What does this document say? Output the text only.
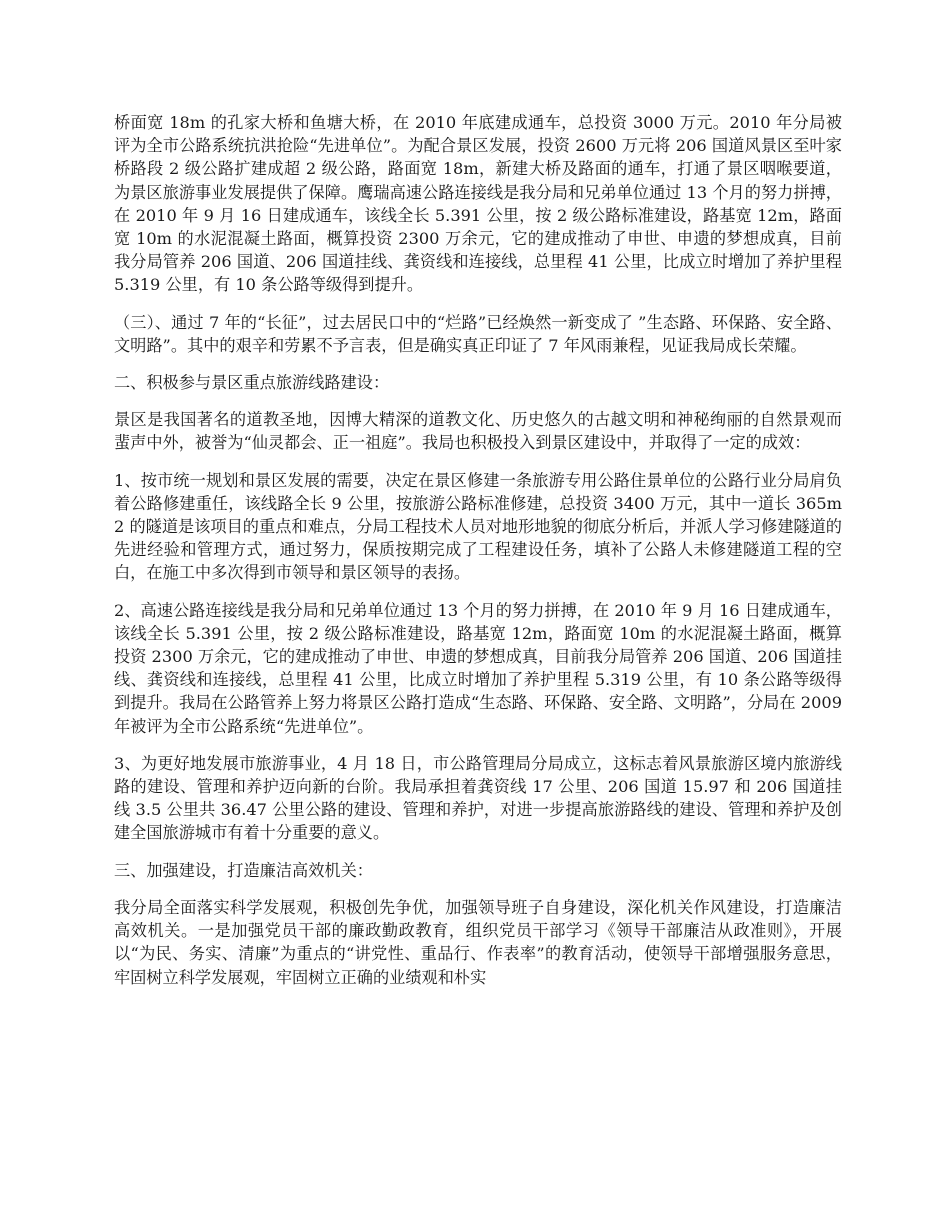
桥面宽 18m 的孔家大桥和鱼塘大桥，在 2010 年底建成通车，总投资 3000 万元。2010 年分局被评为全市公路系统抗洪抢险“先进单位”。为配合景区发展，投资 2600 万元将 206 国道风景区至叶家桥路段 2 级公路扩建成超 2 级公路，路面宽 18m，新建大桥及路面的通车，打通了景区咽喉要道，为景区旅游事业发展提供了保障。鹰瑞高速公路连接线是我分局和兄弟单位通过 13 个月的努力拼搏，在 2010 年 9 月 16 日建成通车，该线全长 5.391 公里，按 2 级公路标准建设，路基宽 12m，路面宽 10m 的水泥混凝土路面，概算投资 2300 万余元，它的建成推动了申世、申遗的梦想成真，目前我分局管养 206 国道、206 国道挂线、龚资线和连接线，总里程 41 公里，比成立时增加了养护里程 5.319 公里，有 10 条公路等级得到提升。

（三）、通过 7 年的“长征”，过去居民口中的“烂路”已经焕然一新变成了 ”生态路、环保路、安全路、文明路”。其中的艰辛和劳累不予言表，但是确实真正印证了 7 年风雨兼程，见证我局成长荣耀。

二、积极参与景区重点旅游线路建设：

景区是我国著名的道教圣地，因博大精深的道教文化、历史悠久的古越文明和神秘绚丽的自然景观而蜚声中外，被誉为“仙灵都会、正一祖庭”。我局也积极投入到景区建设中，并取得了一定的成效：

1、按市统一规划和景区发展的需要，决定在景区修建一条旅游专用公路住景单位的公路行业分局肩负着公路修建重任，该线路全长 9 公里，按旅游公路标准修建，总投资 3400 万元，其中一道长 365m2 的隧道是该项目的重点和难点，分局工程技术人员对地形地貌的彻底分析后，并派人学习修建隧道的先进经验和管理方式，通过努力，保质按期完成了工程建设任务，填补了公路人未修建隧道工程的空白，在施工中多次得到市领导和景区领导的表扬。

2、高速公路连接线是我分局和兄弟单位通过 13 个月的努力拼搏，在 2010 年 9 月 16 日建成通车，该线全长 5.391 公里，按 2 级公路标准建设，路基宽 12m，路面宽 10m 的水泥混凝土路面，概算投资 2300 万余元，它的建成推动了申世、申遗的梦想成真，目前我分局管养 206 国道、206 国道挂线、龚资线和连接线，总里程 41 公里，比成立时增加了养护里程 5.319 公里，有 10 条公路等级得到提升。我局在公路管养上努力将景区公路打造成“生态路、环保路、安全路、文明路”，分局在 2009 年被评为全市公路系统“先进单位”。

3、为更好地发展市旅游事业，4 月 18 日，市公路管理局分局成立，这标志着风景旅游区境内旅游线路的建设、管理和养护迈向新的台阶。我局承担着龚资线 17 公里、206 国道 15.97 和 206 国道挂线 3.5 公里共 36.47 公里公路的建设、管理和养护，对进一步提高旅游路线的建设、管理和养护及创建全国旅游城市有着十分重要的意义。

三、加强建设，打造廉洁高效机关：

我分局全面落实科学发展观，积极创先争优，加强领导班子自身建设，深化机关作风建设，打造廉洁高效机关。一是加强党员干部的廉政勤政教育，组织党员干部学习《领导干部廉洁从政准则》，开展以“为民、务实、清廉”为重点的“讲党性、重品行、作表率”的教育活动，使领导干部增强服务意思，牢固树立科学发展观，牢固树立正确的业绩观和朴实
